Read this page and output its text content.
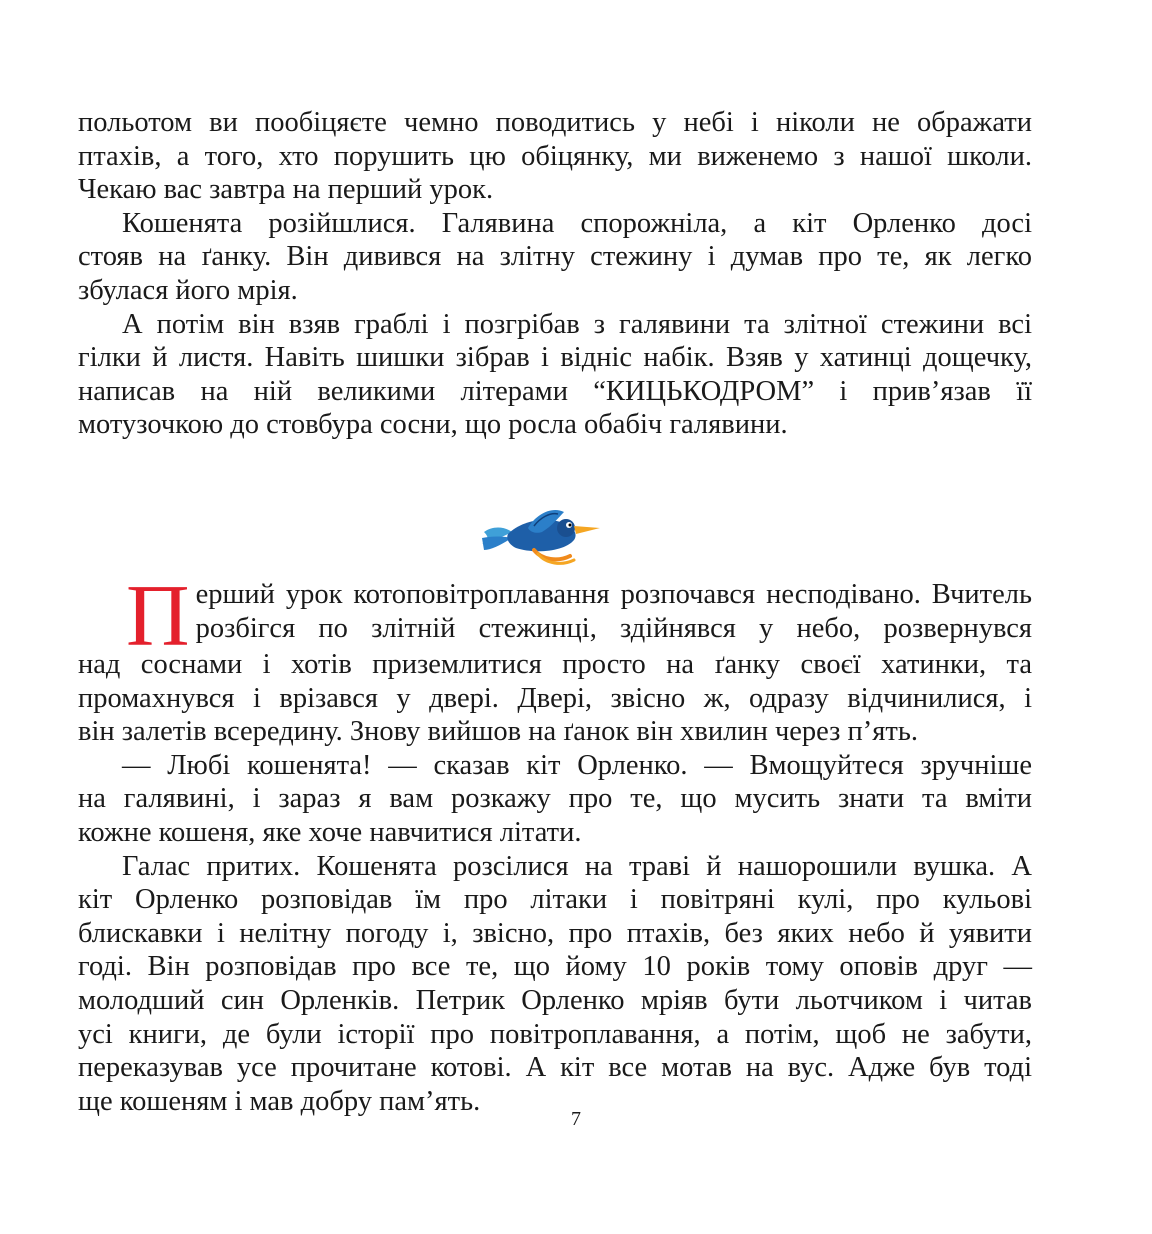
польотом ви пообіцяєте чемно поводитись у небі і ніколи не ображати
птахів, а того, хто порушить цю обіцянку, ми виженемо з нашої школи.
Чекаю вас завтра на перший урок.

Кошенята розійшлися. Галявина спорожніла, а кіт Орленко досі
стояв на ґанку. Він дивився на злітну стежину і думав про те, як легко
збулася його мрія.

А потім він взяв граблі і позгрібав з галявини та злітної стежини всі
гілки й листя. Навіть шишки зібрав і відніс набік. Взяв у хатинці дощечку,
написав на ній великими літерами “КИЦЬКОДРОМ” і прив’язав її
мотузочкою до стовбура сосни, що росла обабіч галявини.

П ерший урок котоповітроплавання розпочався несподівано. Вчитель
розбігся по злітній стежинці, здійнявся у небо, розвернувся
над соснами і хотів приземлитися просто на ґанку своєї хатинки, та
промахнувся і врізався у двері. Двері, звісно ж, одразу відчинилися, і
він залетів всередину. Знову вийшов на ґанок він хвилин через п’ять.

— Любі кошенята! — сказав кіт Орленко. — Вмощуйтеся зручніше
на галявині, і зараз я вам розкажу про те, що мусить знати та вміти
кожне кошеня, яке хоче навчитися літати.

Галас притих. Кошенята розсілися на траві й нашорошили вушка. А
кіт Орленко розповідав їм про літаки і повітряні кулі, про кульові
блискавки і нелітну погоду і, звісно, про птахів, без яких небо й уявити
годі. Він розповідав про все те, що йому 10 років тому оповів друг —
молодший син Орленків. Петрик Орленко мріяв бути льотчиком і читав
усі книги, де були історії про повітроплавання, а потім, щоб не забути,
переказував усе прочитане котові. А кіт все мотав на вус. Адже був тоді
ще кошеням і мав добру пам’ять.

7
